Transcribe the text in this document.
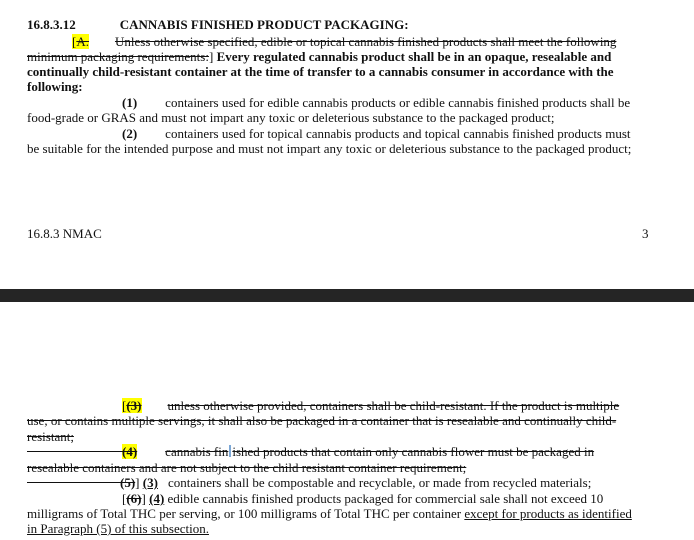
16.8.3.12	CANNABIS FINISHED PRODUCT PACKAGING:
[A. Unless otherwise specified, edible or topical cannabis finished products shall meet the following
minimum packaging requirements:] Every regulated cannabis product shall be in an opaque, resealable and
continually child-resistant container at the time of transfer to a cannabis consumer in accordance with the
following:
(1) containers used for edible cannabis products or edible cannabis finished products shall be
food-grade or GRAS and must not impart any toxic or deleterious substance to the packaged product;
(2) containers used for topical cannabis products and topical cannabis finished products must
be suitable for the intended purpose and must not impart any toxic or deleterious substance to the packaged product;
16.8.3 NMAC	3
[(3) unless otherwise provided, containers shall be child-resistant. If the product is multiple
use, or contains multiple servings, it shall also be packaged in a container that is resealable and continually child-
resistant;
(4) cannabis fin ished products that contain only cannabis flower must be packaged in
resealable containers and are not subject to the child resistant container requirement;
(5)] (3) containers shall be compostable and recyclable, or made from recycled materials;
[(6)] (4) edible cannabis finished products packaged for commercial sale shall not exceed 10
milligrams of Total THC per serving, or 100 milligrams of Total THC per container except for products as identified
in Paragraph (5) of this subsection.
